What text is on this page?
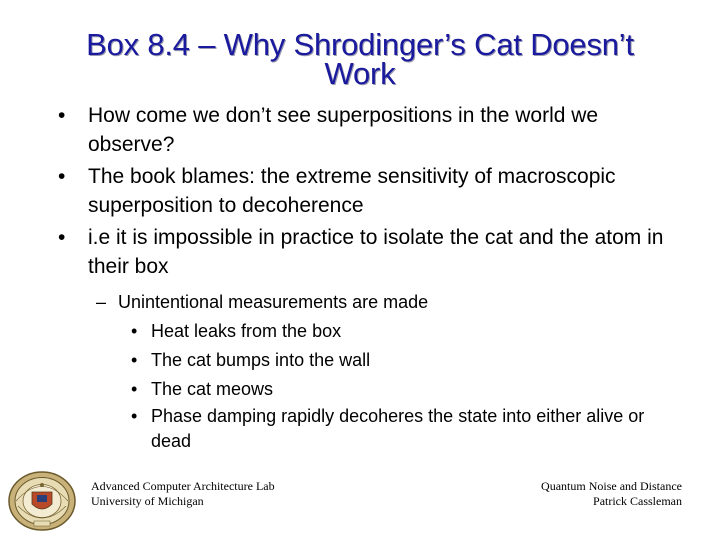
Box 8.4 – Why Shrodinger’s Cat Doesn’t
Work
• How come we don’t see superpositions in the world we observe?
• The book blames: the extreme sensitivity of macroscopic superposition to decoherence
• i.e it is impossible in practice to isolate the cat and the atom in their box
– Unintentional measurements are made
• Heat leaks from the box
• The cat bumps into the wall
• The cat meows
• Phase damping rapidly decoheres the state into either alive or dead
Advanced Computer Architecture Lab
University of Michigan
Quantum Noise and Distance
Patrick Cassleman
